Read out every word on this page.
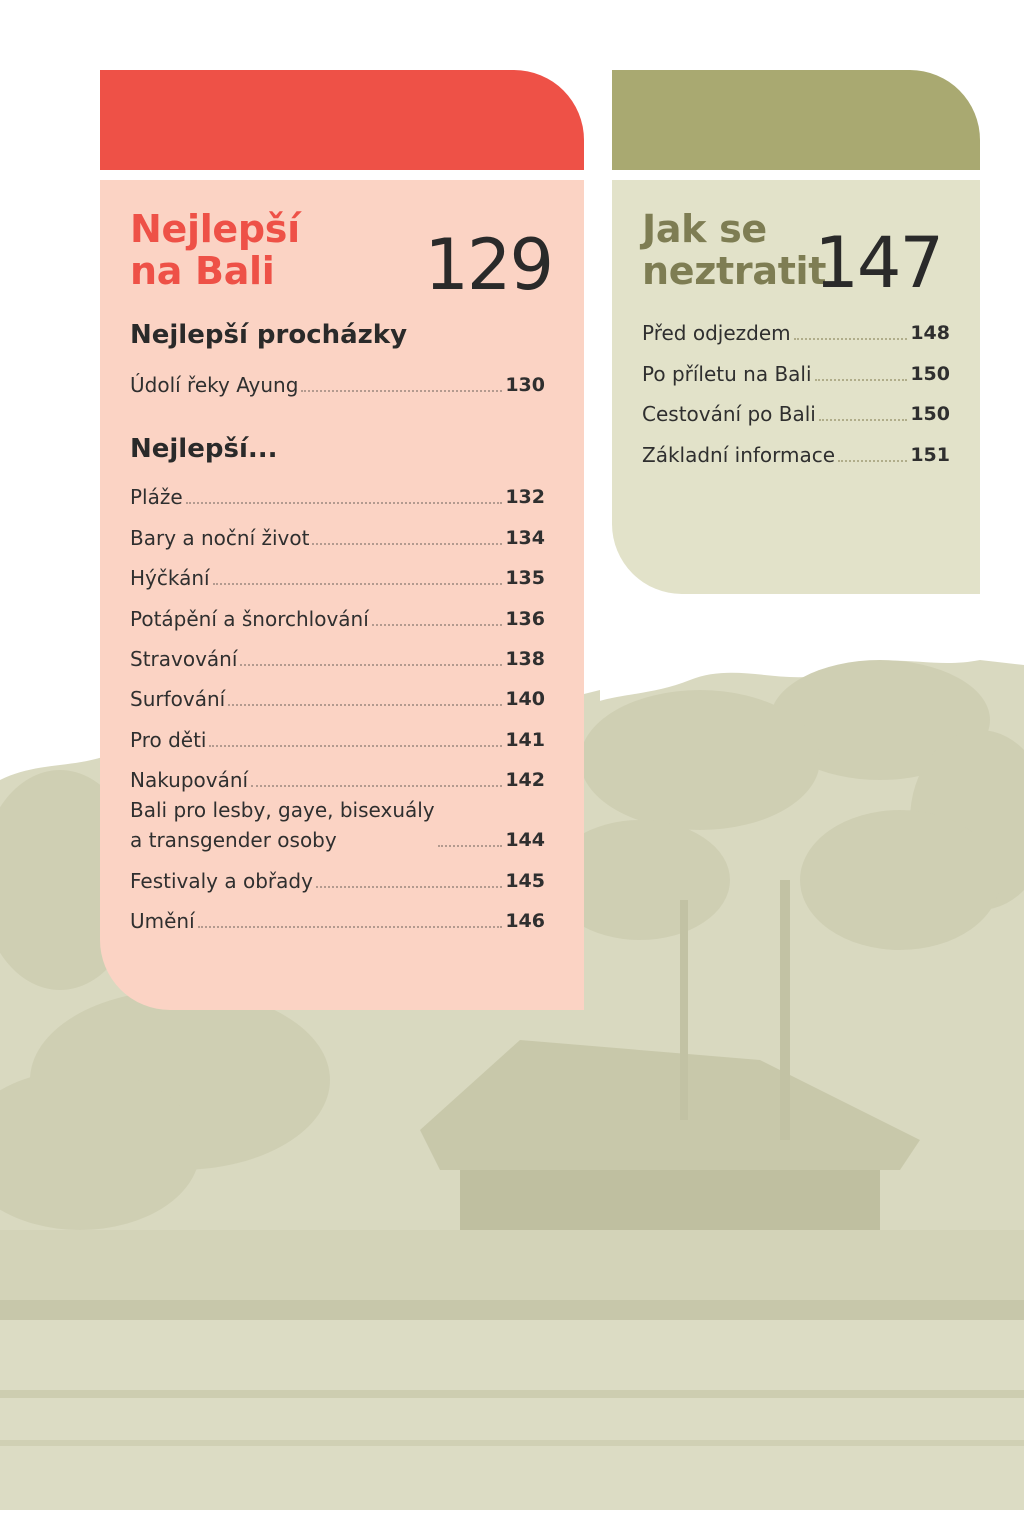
Nejlepší
na Bali	129
Nejlepší procházky
Údolí řeky Ayung	130
Nejlepší...
Pláže	132
Bary a noční život	134
Hýčkání	135
Potápění a šnorchlování	136
Stravování	138
Surfování	140
Pro děti	141
Nakupování	142
Bali pro lesby, gaye, bisexuály
a transgender osoby	144
Festivaly a obřady	145
Umění	146
Jak se
neztratit
147
Před odjezdem	148
Po příletu na Bali	150
Cestování po Bali	150
Základní informace	151
